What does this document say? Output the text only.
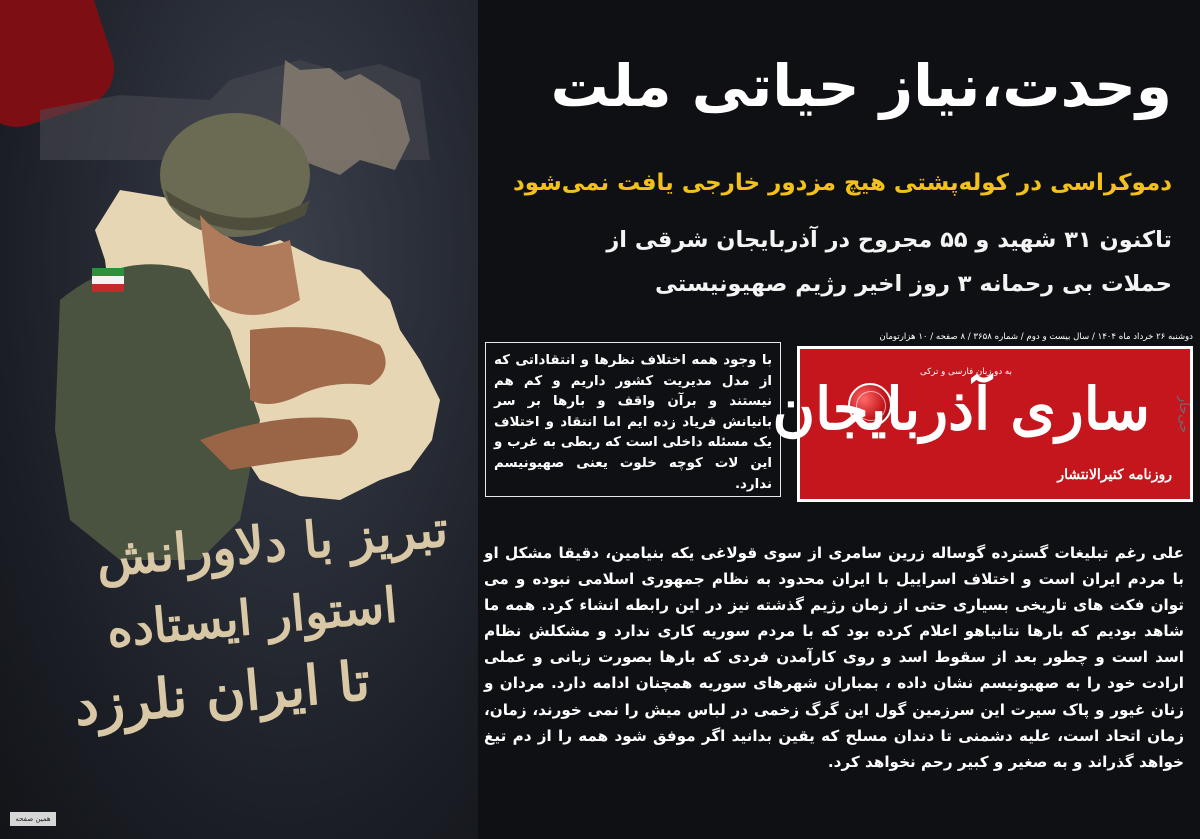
تبریز با دلاورانش
استوار ایستاده
تا ایران نلرزد
همین صفحه
وحدت،نیاز حیاتی ملت
دموکراسی در کوله‌پشتی هیچ مزدور خارجی یافت نمی‌شود
تاکنون ۳۱ شهید و ۵۵ مجروح در آذربایجان شرقی از
حملات بی رحمانه ۳ روز اخیر رژیم صهیونیستی
با وجود همه اختلاف نظرها و انتقاداتی که از مدل مدیریت کشور داریم و کم هم نیستند و برآن واقف و بارها بر سر بانیانش فریاد زده ایم اما انتقاد و اختلاف یک مسئله داخلی است که ربطی به غرب و این لات کوچه خلوت یعنی صهیونیسم ندارد.
دوشنبه ۲۶ خرداد ماه ۱۴۰۴ / سال بیست و دوم / شماره ۳۶۵۸ / ۸ صفحه / ۱۰ هزارتومان
به دو زبان فارسی و ترکی
ساری آذربایجان
روزنامه کثیرالانتشار
جی‌جار
علی رغم تبلیغات گسترده گوساله زرین سامری از سوی قولاغی یکه بنیامین، دقیقا مشکل او با مردم ایران است و اختلاف اسراییل با ایران محدود به نظام جمهوری اسلامی نبوده و می توان فکت های تاریخی بسیاری حتی از زمان رژیم گذشته نیز در این رابطه انشاء کرد. همه ما شاهد بودیم که بارها نتانیاهو اعلام کرده بود که با مردم سوریه کاری ندارد و مشکلش نظام اسد است و چطور بعد از سقوط اسد و روی کارآمدن فردی که بارها بصورت زبانی و عملی ارادت خود را به صهیونیسم نشان داده ، بمباران شهرهای سوریه همچنان ادامه دارد. مردان و زنان غیور و پاک سیرت این سرزمین گول این گرگ زخمی در لباس میش را نمی خورند، زمان، زمان اتحاد است، علیه دشمنی تا دندان مسلح که یقین بدانید اگر موفق شود همه را از دم تیغ خواهد گذراند و به صغیر و کبیر رحم نخواهد کرد.
